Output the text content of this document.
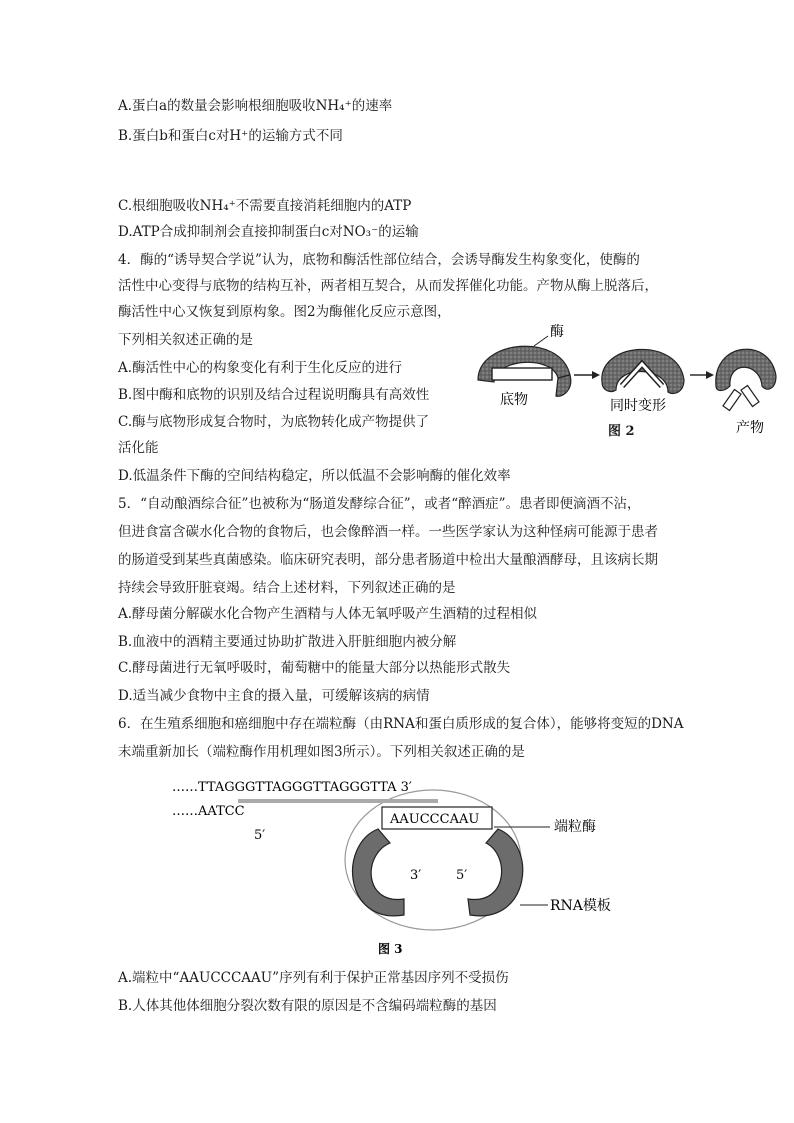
A.蛋白a的数量会影响根细胞吸收NH₄⁺的速率
B.蛋白b和蛋白c对H⁺的运输方式不同
C.根细胞吸收NH₄⁺不需要直接消耗细胞内的ATP
D.ATP合成抑制剂会直接抑制蛋白c对NO₃⁻的运输
4．酶的“诱导契合学说”认为，底物和酶活性部位结合，会诱导酶发生构象变化，使酶的
活性中心变得与底物的结构互补，两者相互契合，从而发挥催化功能。产物从酶上脱落后，
酶活性中心又恢复到原构象。图2为酶催化反应示意图，
下列相关叙述正确的是
A.酶活性中心的构象变化有利于生化反应的进行
B.图中酶和底物的识别及结合过程说明酶具有高效性
C.酶与底物形成复合物时，为底物转化成产物提供了
活化能
D.低温条件下酶的空间结构稳定，所以低温不会影响酶的催化效率
酶
底物	同时变形
产物
图 2
5．“自动酿酒综合征”也被称为“肠道发酵综合征”，或者“醉酒症”。患者即便滴酒不沾，
但进食富含碳水化合物的食物后，也会像醉酒一样。一些医学家认为这种怪病可能源于患者
的肠道受到某些真菌感染。临床研究表明，部分患者肠道中检出大量酿酒酵母，且该病长期
持续会导致肝脏衰竭。结合上述材料，下列叙述正确的是
A.酵母菌分解碳水化合物产生酒精与人体无氧呼吸产生酒精的过程相似
B.血液中的酒精主要通过协助扩散进入肝脏细胞内被分解
C.酵母菌进行无氧呼吸时，葡萄糖中的能量大部分以热能形式散失
D.适当减少食物中主食的摄入量，可缓解该病的病情
6．在生殖系细胞和癌细胞中存在端粒酶（由RNA和蛋白质形成的复合体），能够将变短的DNA
末端重新加长（端粒酶作用机理如图3所示）。下列相关叙述正确的是
……TTAGGGTTAGGGTTAGGGTTA 3′
……AATCC
5′
AAUCCCAAU
3′	5′
端粒酶
RNA模板
图 3
A.端粒中“AAUCCCAAU”序列有利于保护正常基因序列不受损伤
B.人体其他体细胞分裂次数有限的原因是不含编码端粒酶的基因
